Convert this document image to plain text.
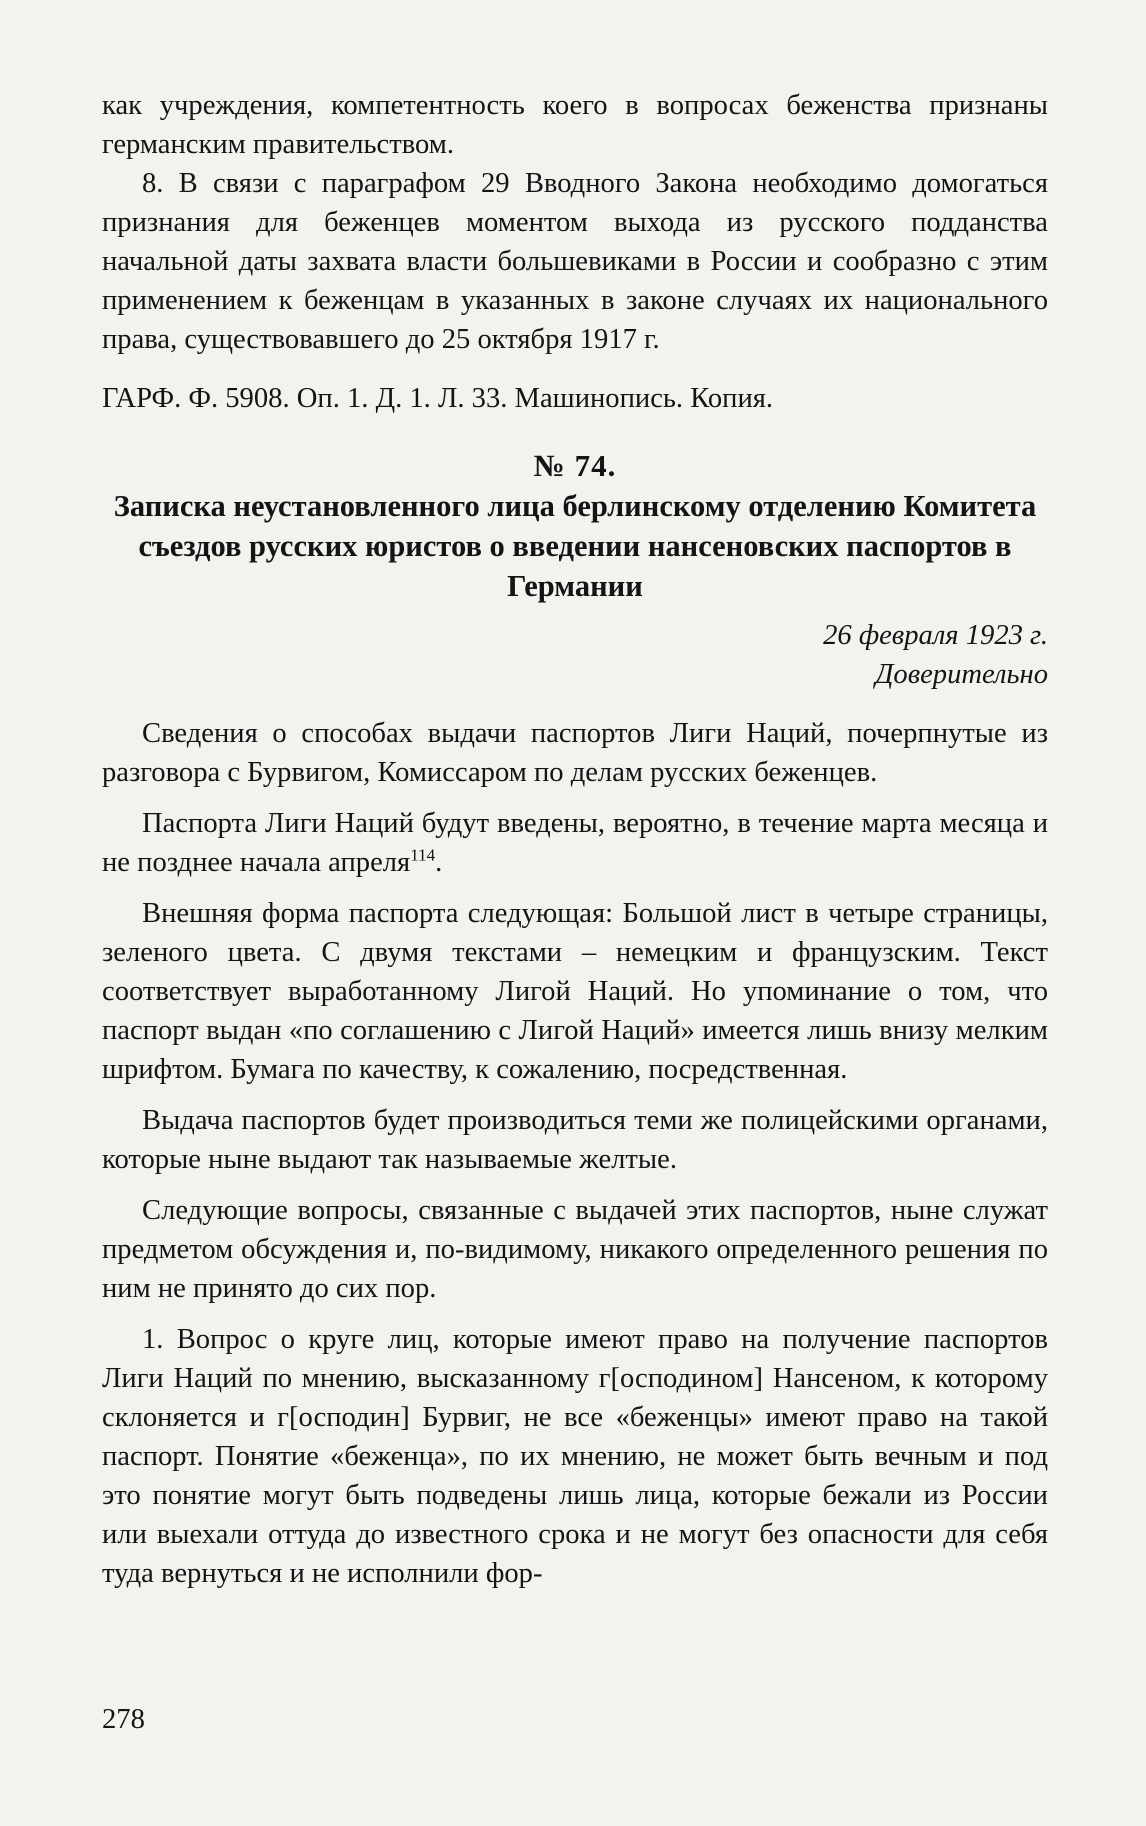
как учреждения, компетентность коего в вопросах беженства признаны германским правительством.

8. В связи с параграфом 29 Вводного Закона необходимо домогаться признания для беженцев моментом выхода из русского подданства начальной даты захвата власти большевиками в России и сообразно с этим применением к беженцам в указанных в законе случаях их национального права, существовавшего до 25 октября 1917 г.

ГАРФ. Ф. 5908. Оп. 1. Д. 1. Л. 33. Машинопись. Копия.

№ 74.
Записка неустановленного лица берлинскому отделению Комитета съездов русских юристов о введении нансеновских паспортов в Германии
26 февраля 1923 г.
Доверительно

Сведения о способах выдачи паспортов Лиги Наций, почерпнутые из разговора с Бурвигом, Комиссаром по делам русских беженцев.

Паспорта Лиги Наций будут введены, вероятно, в течение марта месяца и не позднее начала апреля$^{114}$.

Внешняя форма паспорта следующая: Большой лист в четыре страницы, зеленого цвета. С двумя текстами – немецким и французским. Текст соответствует выработанному Лигой Наций. Но упоминание о том, что паспорт выдан «по соглашению с Лигой Наций» имеется лишь внизу мелким шрифтом. Бумага по качеству, к сожалению, посредственная.

Выдача паспортов будет производиться теми же полицейскими органами, которые ныне выдают так называемые желтые.

Следующие вопросы, связанные с выдачей этих паспортов, ныне служат предметом обсуждения и, по-видимому, никакого определенного решения по ним не принято до сих пор.

1. Вопрос о круге лиц, которые имеют право на получение паспортов Лиги Наций по мнению, высказанному г[осподином] Нансеном, к которому склоняется и г[осподин] Бурвиг, не все «беженцы» имеют право на такой паспорт. Понятие «беженца», по их мнению, не может быть вечным и под это понятие могут быть подведены лишь лица, которые бежали из России или выехали оттуда до известного срока и не могут без опасности для себя туда вернуться и не исполнили фор-

278
